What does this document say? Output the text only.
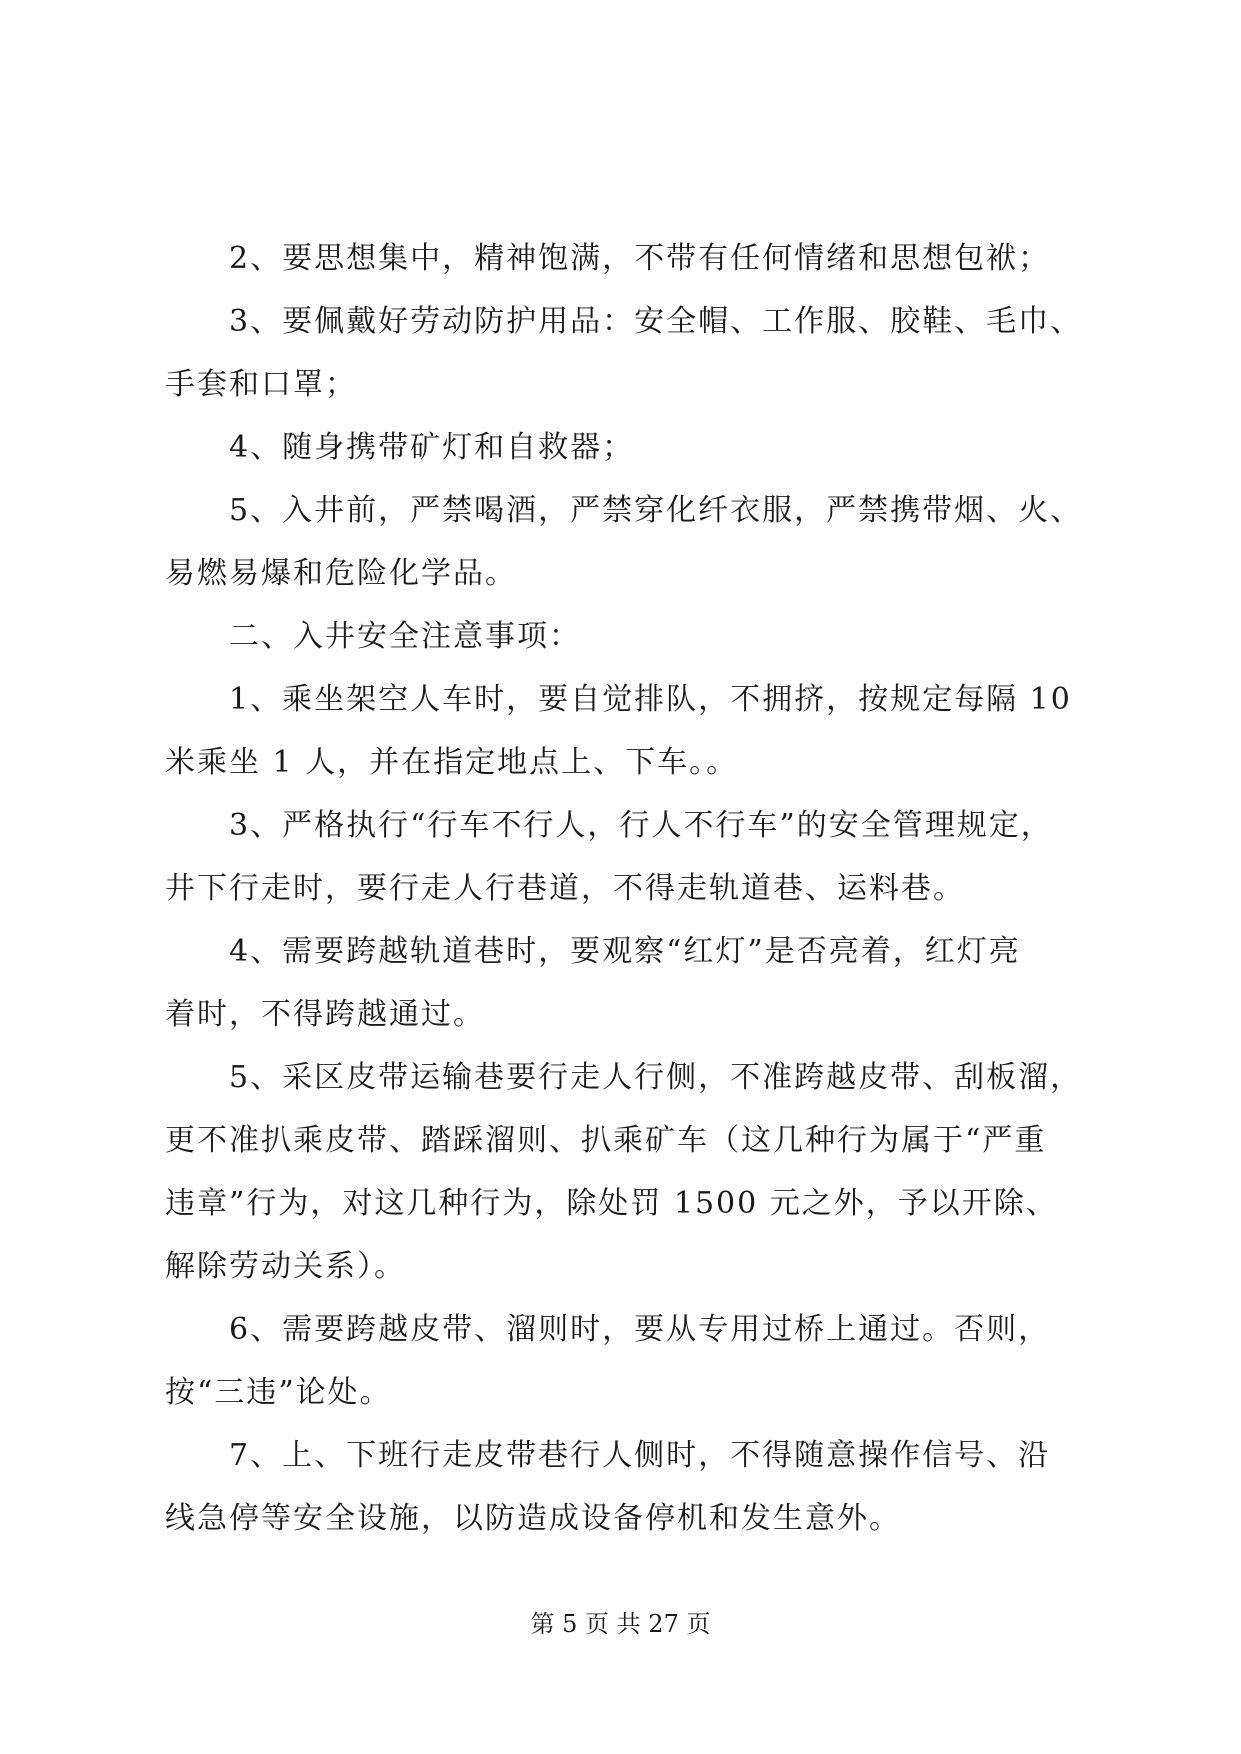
2、要思想集中，精神饱满，不带有任何情绪和思想包袱；
3、要佩戴好劳动防护用品：安全帽、工作服、胶鞋、毛巾、
手套和口罩；
4、随身携带矿灯和自救器；
5、入井前，严禁喝酒，严禁穿化纤衣服，严禁携带烟、火、
易燃易爆和危险化学品。
二、入井安全注意事项：
1、乘坐架空人车时，要自觉排队，不拥挤，按规定每隔 10
米乘坐 1 人，并在指定地点上、下车。。
3、严格执行“行车不行人，行人不行车”的安全管理规定，
井下行走时，要行走人行巷道，不得走轨道巷、运料巷。
4、需要跨越轨道巷时，要观察“红灯”是否亮着，红灯亮
着时，不得跨越通过。
5、采区皮带运输巷要行走人行侧，不准跨越皮带、刮板溜，
更不准扒乘皮带、踏踩溜则、扒乘矿车（这几种行为属于“严重
违章”行为，对这几种行为，除处罚 1500 元之外，予以开除、
解除劳动关系）。
6、需要跨越皮带、溜则时，要从专用过桥上通过。否则，
按“三违”论处。
7、上、下班行走皮带巷行人侧时，不得随意操作信号、沿
线急停等安全设施，以防造成设备停机和发生意外。
第 5 页 共 27 页
